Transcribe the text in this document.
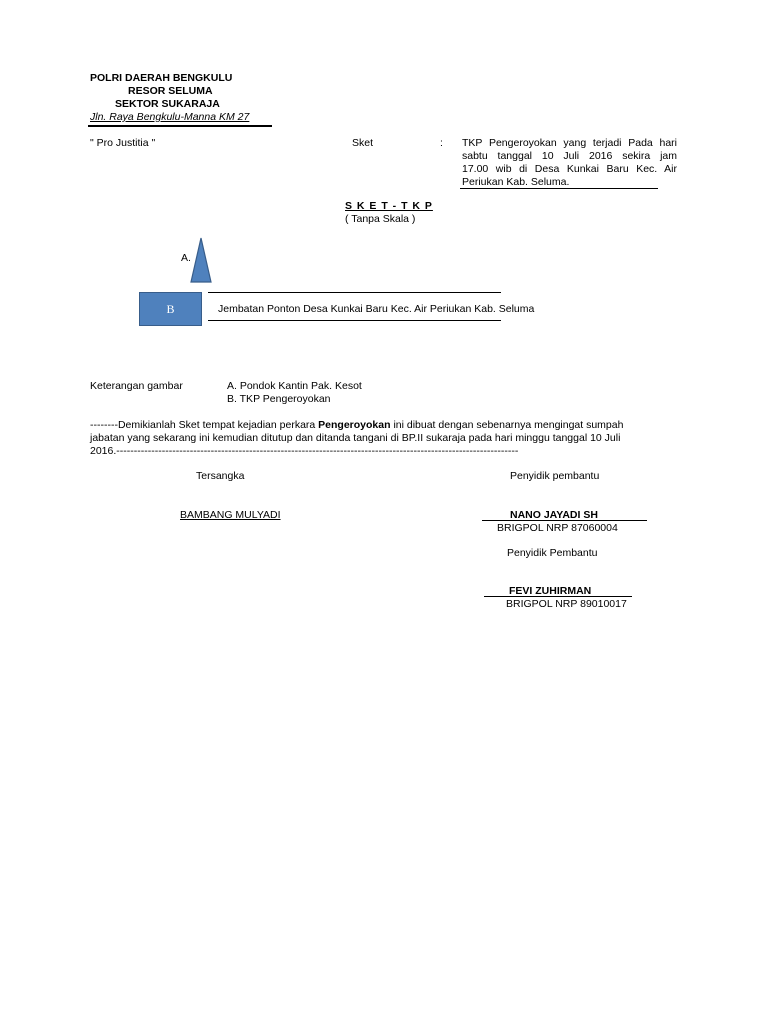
POLRI DAERAH BENGKULU
RESOR SELUMA
SEKTOR SUKARAJA
Jln. Raya Bengkulu-Manna KM 27
" Pro Justitia "	Sket	: TKP Pengeroyokan yang terjadi Pada hari
sabtu tanggal 10 Juli 2016 sekira jam
17.00 wib di Desa Kunkai Baru Kec. Air
Periukan Kab. Seluma.
S K E T - T K P
( Tanpa Skala )
A.
B	Jembatan Ponton Desa Kunkai Baru Kec. Air Periukan Kab. Seluma
Keterangan gambar	A. Pondok Kantin Pak. Kesot
B. TKP Pengeroyokan
--------Demikianlah Sket tempat kejadian perkara Pengeroyokan ini dibuat dengan sebenarnya mengingat sumpah
jabatan yang sekarang ini kemudian ditutup dan ditanda tangani di BP.II sukaraja pada hari minggu tanggal 10 Juli
2016.-------------------------------------------------------------------------------------------------------------------
Tersangka
BAMBANG MULYADI
Penyidik pembantu
NANO JAYADI SH
BRIGPOL NRP 87060004
Penyidik Pembantu
FEVI ZUHIRMAN
BRIGPOL NRP 89010017
